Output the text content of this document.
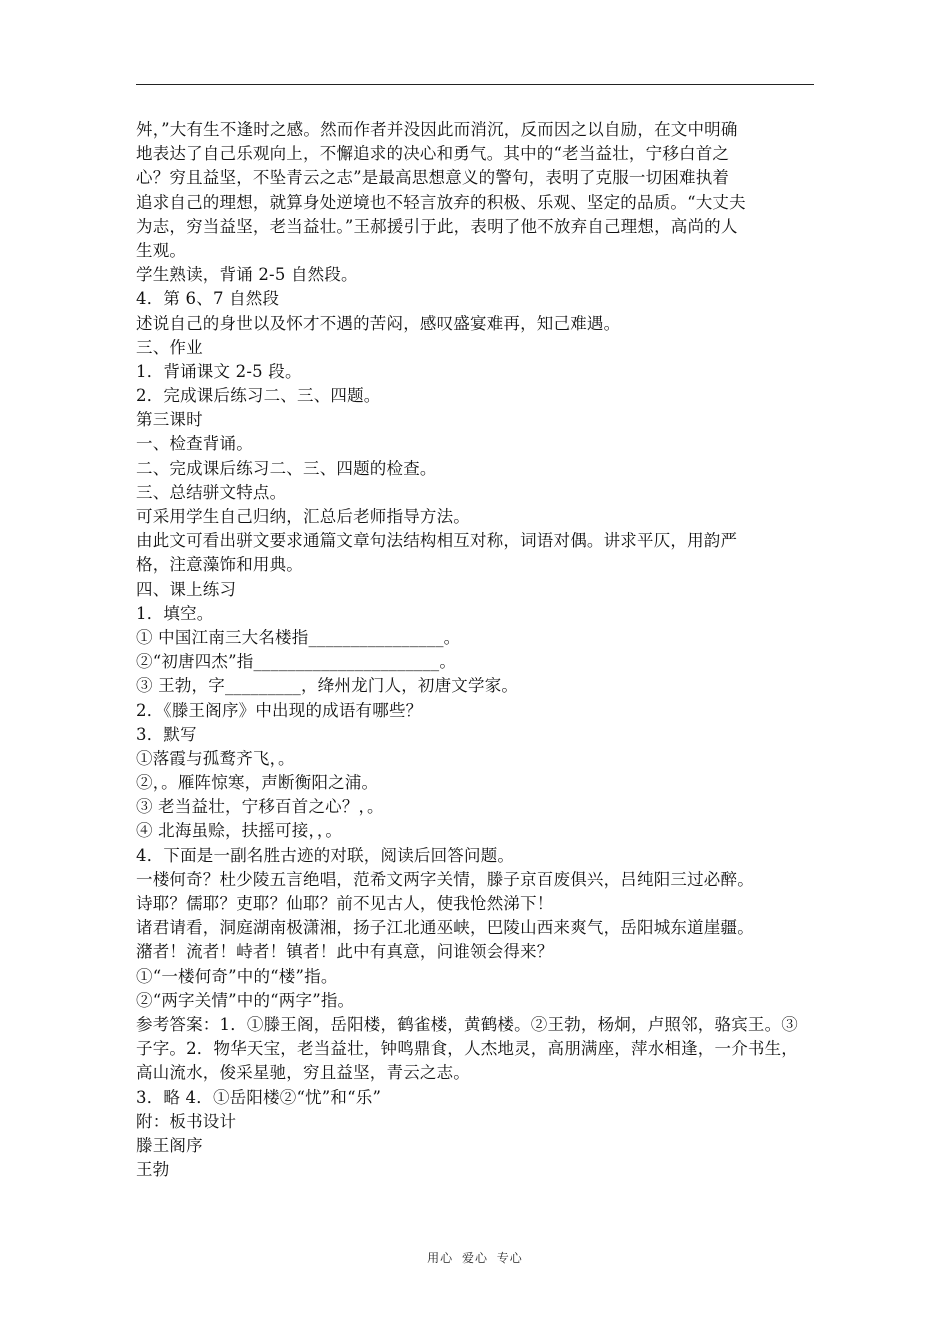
舛，”大有生不逢时之感。然而作者并没因此而消沉，反而因之以自励，在文中明确
地表达了自己乐观向上，不懈追求的决心和勇气。其中的“老当益壮，宁移白首之
心？穷且益坚，不坠青云之志”是最高思想意义的警句，表明了克服一切困难执着
追求自己的理想，就算身处逆境也不轻言放弃的积极、乐观、坚定的品质。“大丈夫
为志，穷当益坚，老当益壮。”王郝援引于此，表明了他不放弃自己理想，高尚的人
生观。
学生熟读，背诵 2-5 自然段。
4．第 6、7 自然段
述说自己的身世以及怀才不遇的苦闷，感叹盛宴难再，知己难遇。
三、作业
1．背诵课文 2-5 段。
2．完成课后练习二、三、四题。
第三课时
一、检查背诵。
二、完成课后练习二、三、四题的检查。
三、总结骈文特点。
可采用学生自己归纳，汇总后老师指导方法。
由此文可看出骈文要求通篇文章句法结构相互对称，词语对偶。讲求平仄，用韵严
格，注意藻饰和用典。
四、课上练习
1．填空。
① 中国江南三大名楼指________________。
②“初唐四杰”指______________________。
③ 王勃，字_________，绛州龙门人，初唐文学家。
2．《滕王阁序》中出现的成语有哪些？
3．默写
①落霞与孤鹜齐飞，。
②，。雁阵惊寒，声断衡阳之浦。
③ 老当益壮，宁移百首之心？，。
④ 北海虽赊，扶摇可接，，。
4．下面是一副名胜古迹的对联，阅读后回答问题。
一楼何奇？杜少陵五言绝唱，范希文两字关情，滕子京百废俱兴，吕纯阳三过必醉。
诗耶？儒耶？吏耶？仙耶？前不见古人，使我怆然涕下！
诸君请看，洞庭湖南极潇湘，扬子江北通巫峡，巴陵山西来爽气，岳阳城东道崖疆。
潴者！流者！峙者！镇者！此中有真意，问谁领会得来？
①“一楼何奇”中的“楼”指。
②“两字关情”中的“两字”指。
参考答案：1．①滕王阁，岳阳楼，鹤雀楼，黄鹤楼。②王勃，杨炯，卢照邻，骆宾王。③
子字。2．物华天宝，老当益壮，钟鸣鼎食，人杰地灵，高朋满座，萍水相逢，一介书生，
高山流水，俊采星驰，穷且益坚，青云之志。
3．略 4．①岳阳楼②“忧”和“乐”
附：板书设计
滕王阁序
王勃
用心 爱心 专心
